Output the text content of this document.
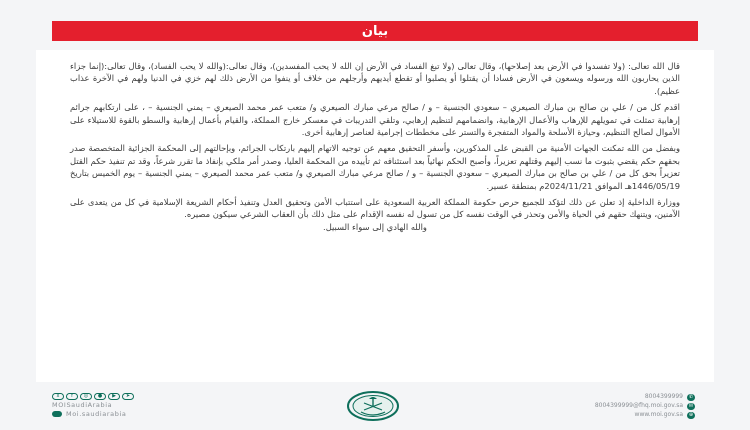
بيان

قال الله تعالى: (ولا تفسدوا في الأرض بعد إصلاحها)، وقال تعالى (ولا تبغ الفساد في الأرض إن الله لا يحب المفسدين)، وقال تعالى:(والله لا يحب الفساد)، وقال تعالى:(إنما جزاء الذين يحاربون الله ورسوله ويسعون في الأرض فسادا أن يقتلوا أو يصلبوا أو تقطع أيديهم وأرجلهم من خلاف أو ينفوا من الأرض ذلك لهم خزي في الدنيا ولهم في الآخرة عذاب عظيم).

اقدم كل من / علي بن صالح بن مبارك الصيعري – سعودي الجنسية – و / صالح مرعي مبارك الصيعري و/ متعب عمر محمد الصيعري – يمني الجنسية – ، على ارتكابهم جرائم إرهابية تمثلت في تمويلهم للإرهاب والأعمال الإرهابية، وانضمامهم لتنظيم إرهابي، وتلقي التدريبات في معسكر خارج المملكة، والقيام بأعمال إرهابية والسطو بالقوة للاستيلاء على الأموال لصالح التنظيم، وحيازة الأسلحة والمواد المتفجرة والتستر على مخططات إجرامية لعناصر إرهابية أخرى.

وبفضل من الله تمكنت الجهات الأمنية من القبض على المذكورين، وأسفر التحقيق معهم عن توجيه الاتهام إليهم بارتكاب الجرائم، وبإحالتهم إلى المحكمة الجزائية المتخصصة صدر بحقهم حكم يقضي بثبوت ما نسب إليهم وقتلهم تعزيراً، وأصبح الحكم نهائياً بعد استئنافه ثم تأييده من المحكمة العليا، وصدر أمر ملكي بإنفاذ ما تقرر شرعاً، وقد تم تنفيذ حكم القتل تعزيراً بحق كل من / علي بن صالح بن مبارك الصيعري – سعودي الجنسية – و / صالح مرعي مبارك الصيعري و/ متعب عمر محمد الصيعري – يمني الجنسية – يوم الخميس بتاريخ 1446/05/19هـ الموافق 2024/11/21م بمنطقة عسير.

ووزارة الداخلية إذ تعلن عن ذلك لتؤكد للجميع حرص حكومة المملكة العربية السعودية على استتباب الأمن وتحقيق العدل وتنفيذ أحكام الشريعة الإسلامية في كل من يتعدى على الآمنين، ويتنهك حقهم في الحياة والأمن وتحذر في الوقت نفسه كل من تسول له نفسه الإقدام على مثل ذلك بأن العقاب الشرعي سيكون مصيره.

والله الهادي إلى سواء السبيل.

x	f	◎	●	▶	➤
MOISaudiArabia
Moi.saudiarabia
8004399999	✆
8004399999@fhq.moi.gov.sa	✉
www.moi.gov.sa	⊕
